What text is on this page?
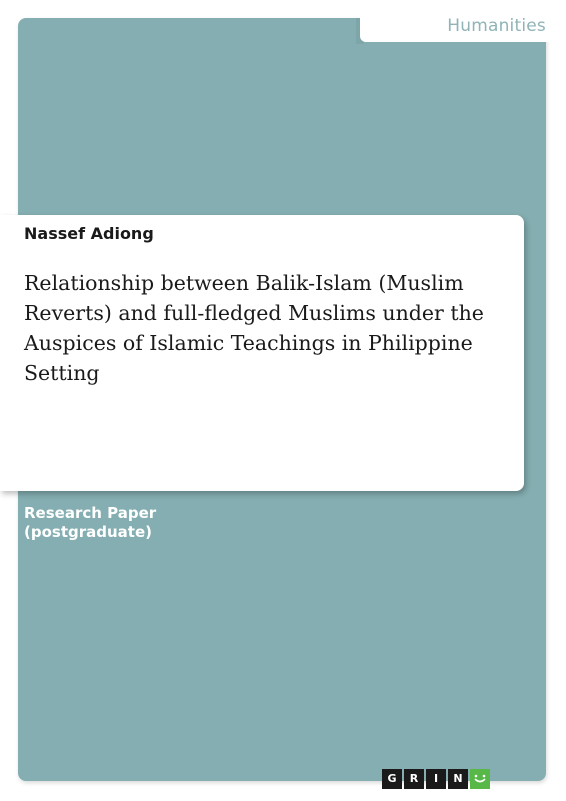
Humanities
Nassef Adiong
Relationship between Balik-Islam (Muslim Reverts) and full-fledged Muslims under the Auspices of Islamic Teachings in Philippine Setting
Research Paper
(postgraduate)
G	R	I	N
